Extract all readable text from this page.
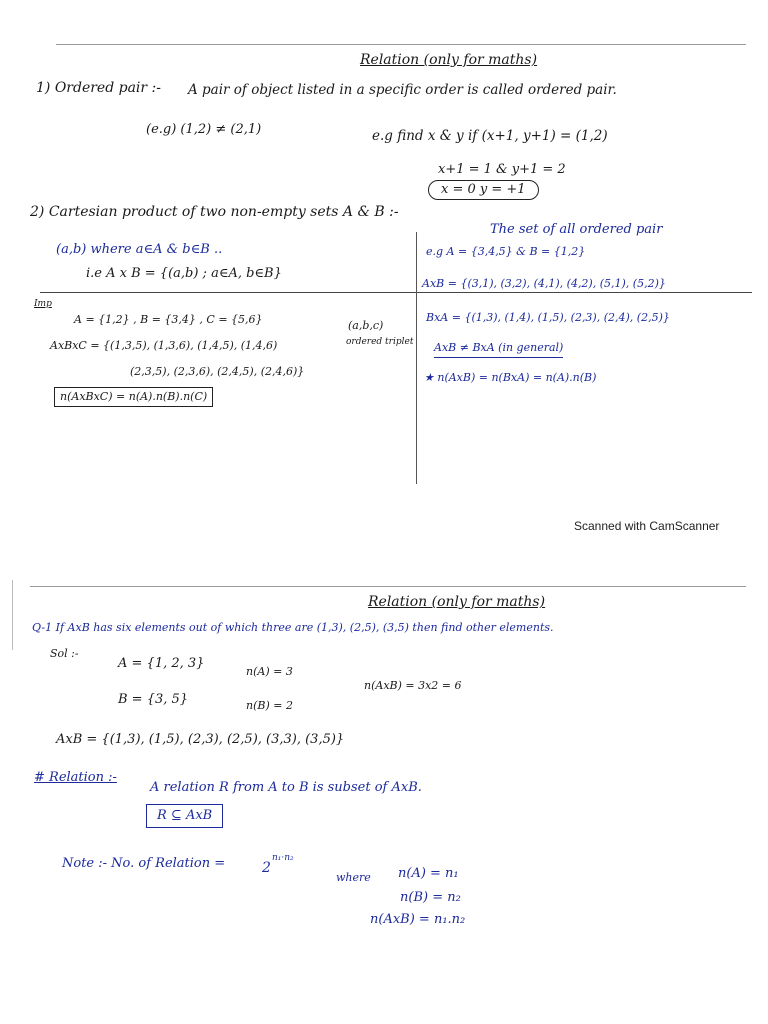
Relation (only for maths)
1) Ordered pair :- A pair of object listed in a specific order is called ordered pair.
(e.g) (1,2) ≠ (2,1)	e.g find x & y if (x+1, y+1) = (1,2)
x+1 = 1 & y+1 = 2
x = 0 y = +1
2) Cartesian product of two non-empty sets A & B :-
The set of all ordered pair
(a,b) where a∈A & b∈B ..
i.e A x B = {(a,b) ; a∈A, b∈B}
Imp
A = {1,2} , B = {3,4} , C = {5,6}	(a,b,c)
ordered triplet
AxBxC = {(1,3,5), (1,3,6), (1,4,5), (1,4,6)
(2,3,5), (2,3,6), (2,4,5), (2,4,6)}
n(AxBxC) = n(A).n(B).n(C)
e.g A = {3,4,5} & B = {1,2}
AxB = {(3,1), (3,2), (4,1), (4,2), (5,1), (5,2)}
BxA = {(1,3), (1,4), (1,5), (2,3), (2,4), (2,5)}
AxB ≠ BxA (in general)
★ n(AxB) = n(BxA) = n(A).n(B)
Scanned with CamScanner
Relation (only for maths)
Q-1 If AxB has six elements out of which three are (1,3), (2,5), (3,5) then find other elements.
Sol :-
A = {1, 2, 3}
n(A) = 3
n(AxB) = 3x2 = 6
B = {3, 5}	n(B) = 2
AxB = {(1,3), (1,5), (2,3), (2,5), (3,3), (3,5)}
# Relation :-
A relation R from A to B is subset of AxB.
R ⊆ AxB
Note :- No. of Relation =	2
n₁·n₂
where n(A) = n₁
n(B) = n₂
n(AxB) = n₁.n₂
